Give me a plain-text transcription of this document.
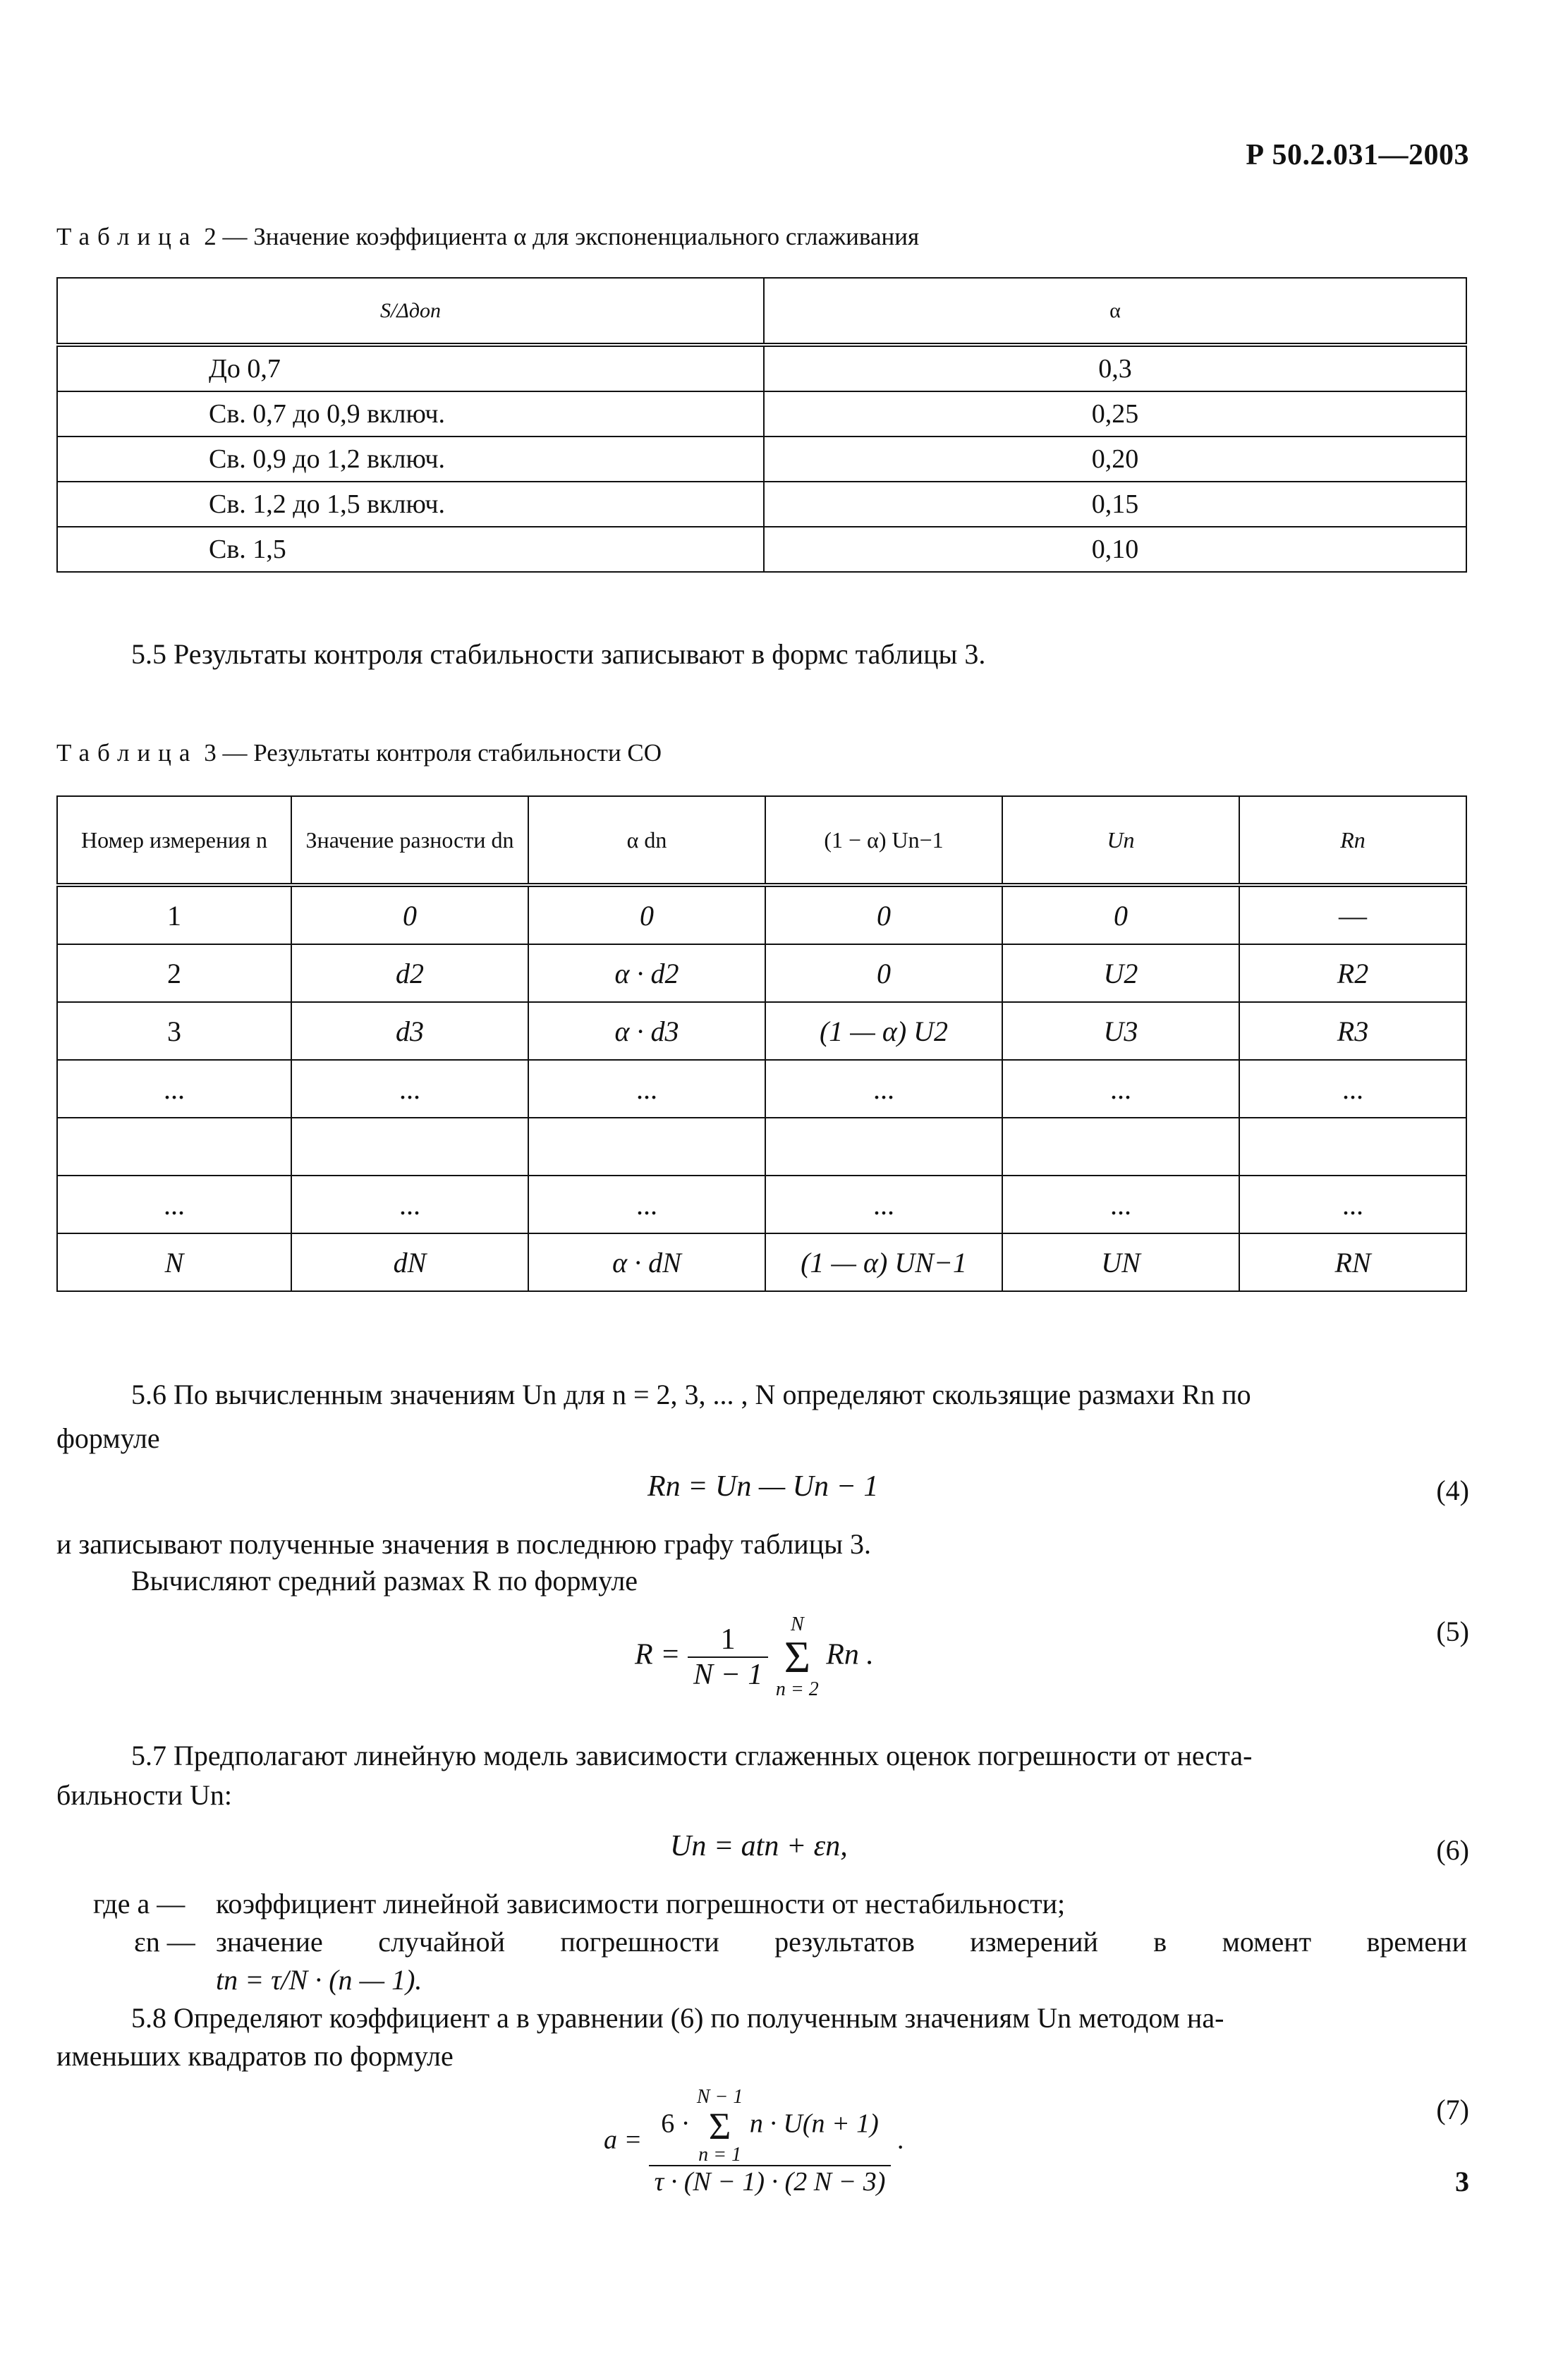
Р 50.2.031—2003
Таблица 2 — Значение коэффициента α для экспоненциального сглаживания
S/Δдоп	α
До 0,7	0,3
Св. 0,7 до 0,9 включ.	0,25
Св. 0,9 до 1,2 включ.	0,20
Св. 1,2 до 1,5 включ.	0,15
Св. 1,5	0,10
5.5 Результаты контроля стабильности записывают в формс таблицы 3.
Таблица 3 — Результаты контроля стабильности СО
Номер измерения n	Значение разности dn	α dn	(1 − α) Un−1	Un	Rn
1	0	0	0	0	—
2	d2	α · d2	0	U2	R2
3	d3	α · d3	(1 — α) U2	U3	R3
...	...	...	...	...	...

...	...	...	...	...	...
N	dN	α · dN	(1 — α) UN−1	UN	RN
5.6 По вычисленным значениям Un для n = 2, 3, ... , N определяют скользящие размахи Rn по
формуле
Rn = Un — Un − 1	(4)
и записывают полученные значения в последнюю графу таблицы 3.
Вычисляют средний размах R по формуле
$R = \frac{1}{N - 1}$
	N
Σ
n = 2
Rn .
(5)
5.7 Предполагают линейную модель зависимости сглаженных оценок погрешности от неста-
бильности Un:
Un = atn + εn,	(6)
где a — коэффициент линейной зависимости погрешности от нестабильности;
εn — значение случайной погрешности результатов измерений в момент времени
tn = τ/N · (n — 1).
5.8 Определяют коэффициент a в уравнении (6) по полученным значениям Un методом на-
именьших квадратов по формуле
a =
6 ·
N − 1
Σ
n = 1
n · U(n + 1)
τ · (N − 1) · (2 N − 3)
.
(7)
3
